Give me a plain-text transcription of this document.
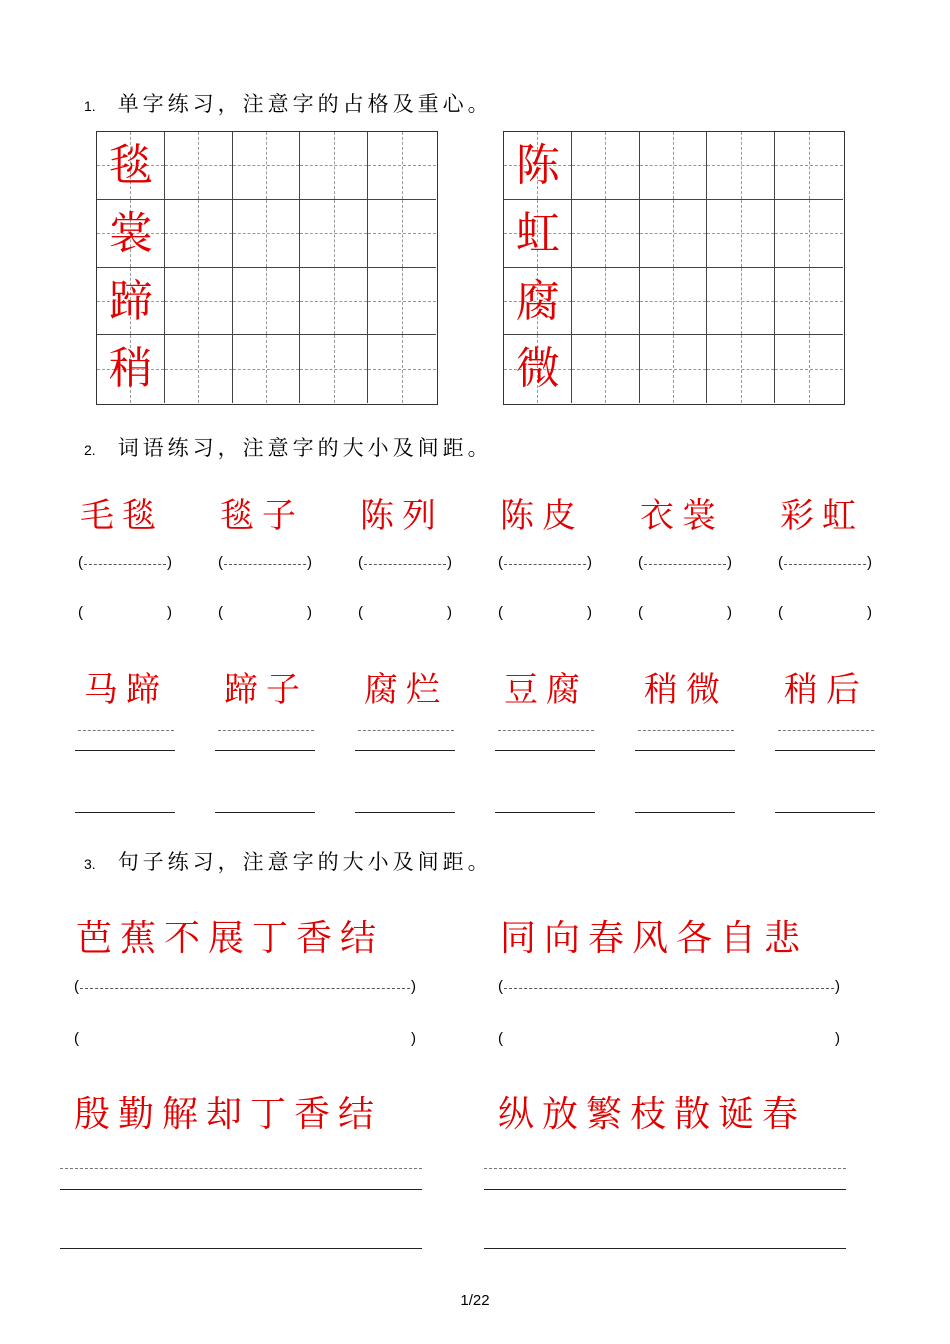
1. 单字练习，注意字的占格及重心。
毯
裳
蹄
稍
陈
虹
腐
微
2. 词语练习，注意字的大小及间距。
毛毯
(	)
(	)
马蹄
毯子
(	)
(	)
蹄子
陈列
(	)
(	)
腐烂
陈皮
(	)
(	)
豆腐
衣裳
(	)
(	)
稍微
彩虹
(	)
(	)
稍后
3. 句子练习，注意字的大小及间距。
芭蕉不展丁香结
(	)
(	)
殷勤解却丁香结
同向春风各自悲
(	)
(	)
纵放繁枝散诞春
1/22
